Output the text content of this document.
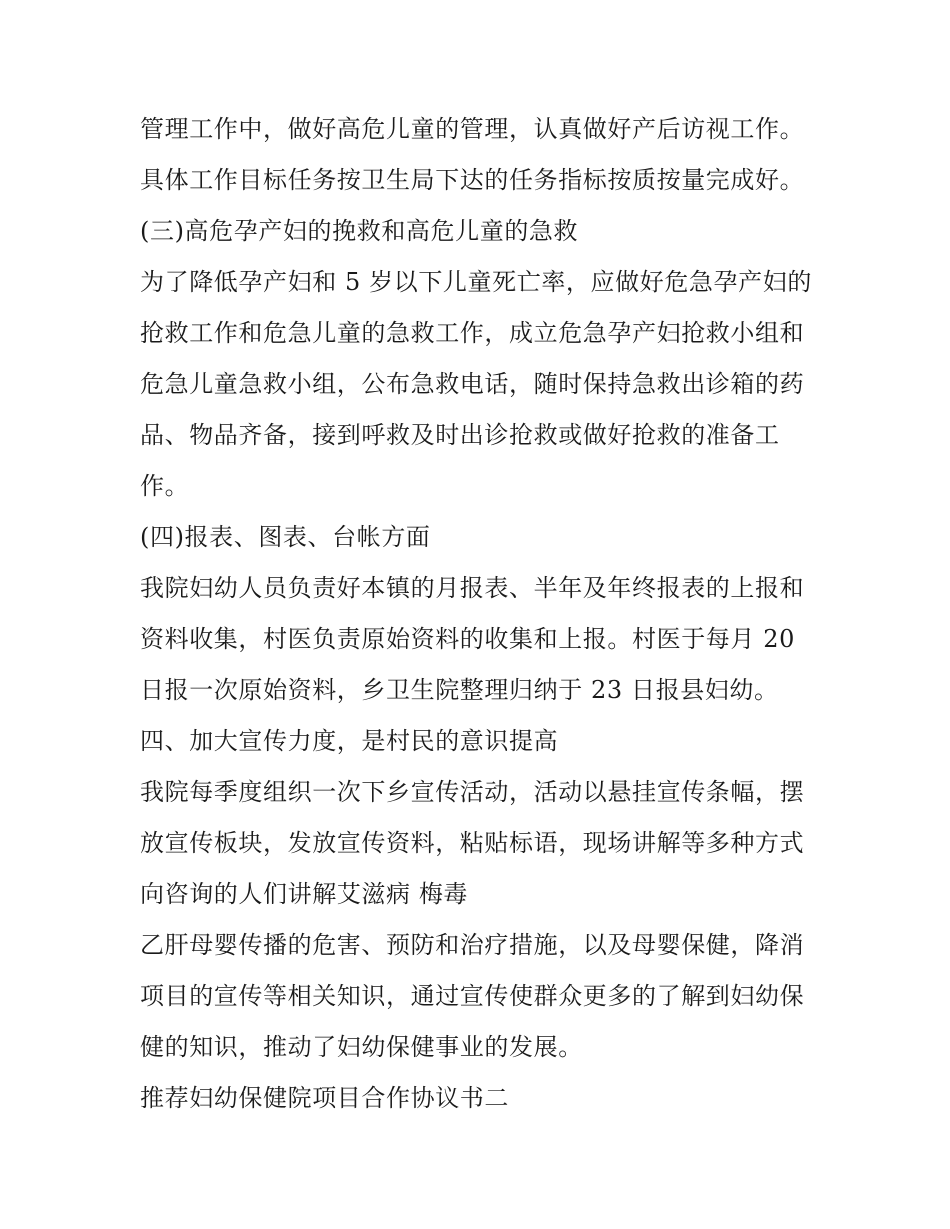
管理工作中，做好高危儿童的管理，认真做好产后访视工作。
具体工作目标任务按卫生局下达的任务指标按质按量完成好。
(三)高危孕产妇的挽救和高危儿童的急救
为了降低孕产妇和 5 岁以下儿童死亡率，应做好危急孕产妇的
抢救工作和危急儿童的急救工作，成立危急孕产妇抢救小组和
危急儿童急救小组，公布急救电话，随时保持急救出诊箱的药
品、物品齐备，接到呼救及时出诊抢救或做好抢救的准备工
作。
(四)报表、图表、台帐方面
我院妇幼人员负责好本镇的月报表、半年及年终报表的上报和
资料收集，村医负责原始资料的收集和上报。村医于每月 20
日报一次原始资料，乡卫生院整理归纳于 23 日报县妇幼。
四、加大宣传力度，是村民的意识提高
我院每季度组织一次下乡宣传活动，活动以悬挂宣传条幅，摆
放宣传板块，发放宣传资料，粘贴标语，现场讲解等多种方式
向咨询的人们讲解艾滋病 梅毒
乙肝母婴传播的危害、预防和治疗措施，以及母婴保健，降消
项目的宣传等相关知识，通过宣传使群众更多的了解到妇幼保
健的知识，推动了妇幼保健事业的发展。
推荐妇幼保健院项目合作协议书二
